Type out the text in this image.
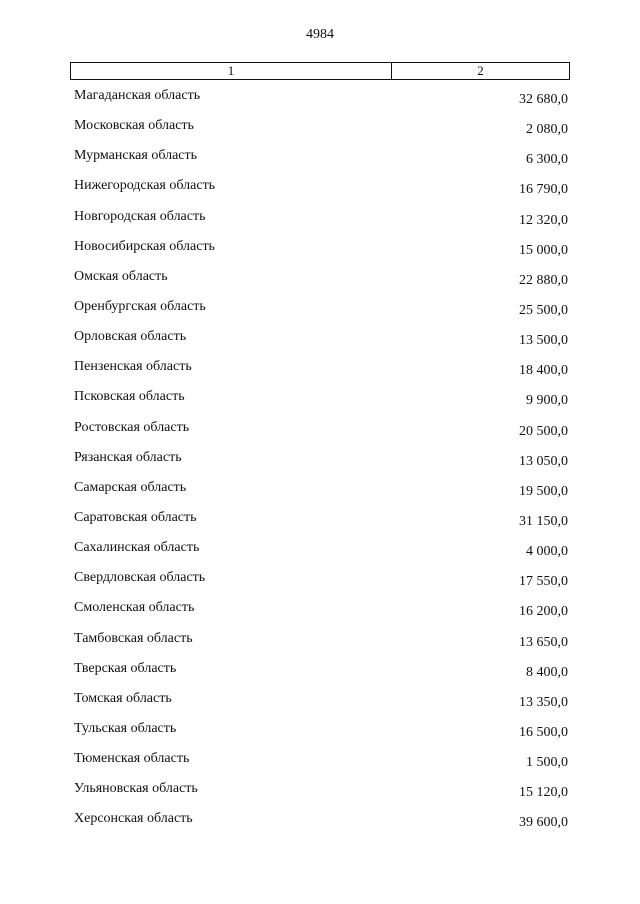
4984
1	2
Магаданская область	32 680,0
Московская область	2 080,0
Мурманская область	6 300,0
Нижегородская область	16 790,0
Новгородская область	12 320,0
Новосибирская область	15 000,0
Омская область	22 880,0
Оренбургская область	25 500,0
Орловская область	13 500,0
Пензенская область	18 400,0
Псковская область	9 900,0
Ростовская область	20 500,0
Рязанская область	13 050,0
Самарская область	19 500,0
Саратовская область	31 150,0
Сахалинская область	4 000,0
Свердловская область	17 550,0
Смоленская область	16 200,0
Тамбовская область	13 650,0
Тверская область	8 400,0
Томская область	13 350,0
Тульская область	16 500,0
Тюменская область	1 500,0
Ульяновская область	15 120,0
Херсонская область	39 600,0
